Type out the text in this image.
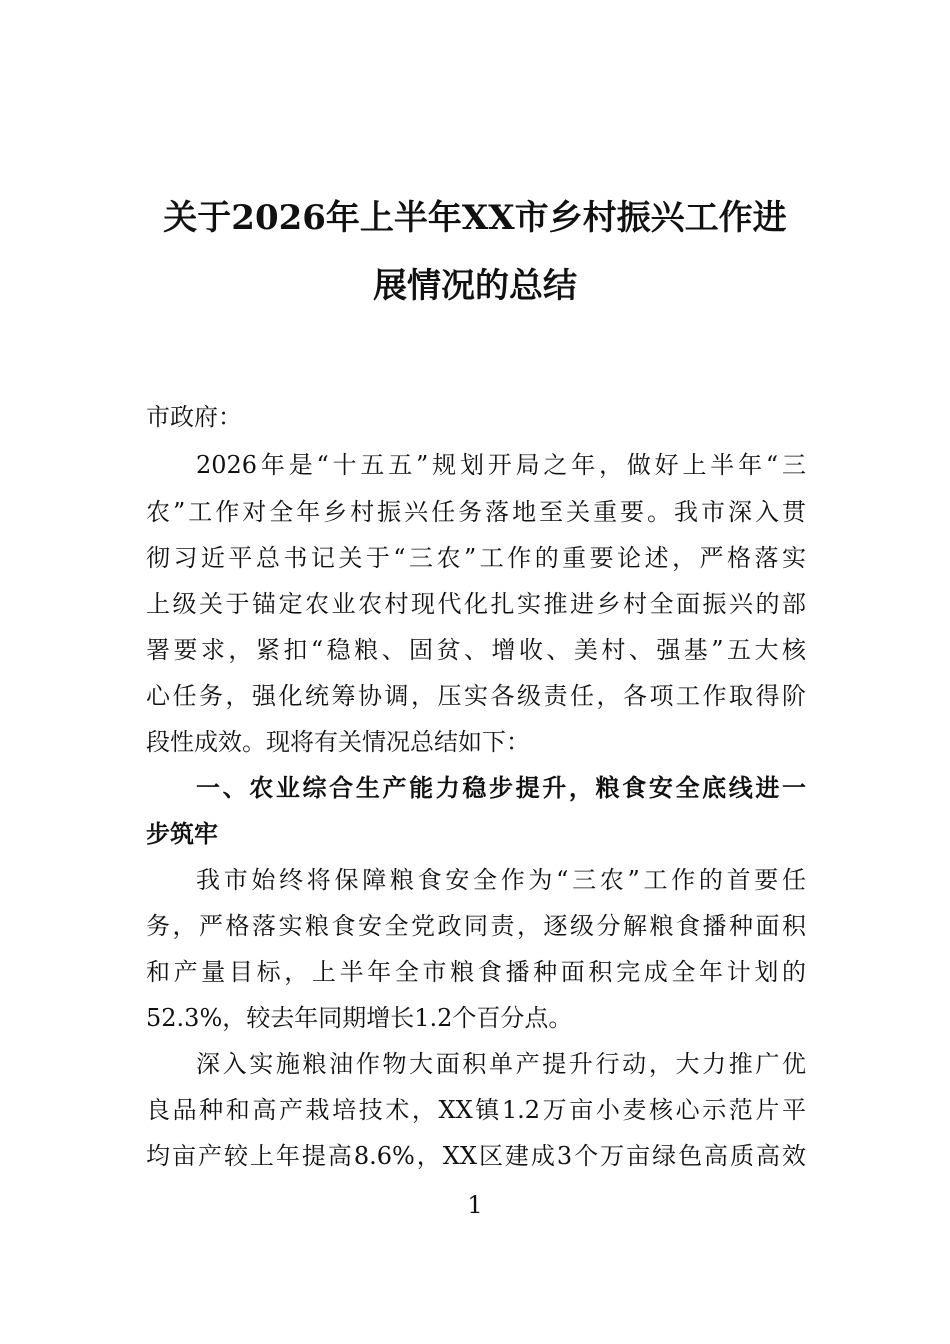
关于2026年上半年XX市乡村振兴工作进
展情况的总结
市政府：
2026年是“十五五”规划开局之年，做好上半年“三
农”工作对全年乡村振兴任务落地至关重要。我市深入贯
彻习近平总书记关于“三农”工作的重要论述，严格落实
上级关于锚定农业农村现代化扎实推进乡村全面振兴的部
署要求，紧扣“稳粮、固贫、增收、美村、强基”五大核
心任务，强化统筹协调，压实各级责任，各项工作取得阶
段性成效。现将有关情况总结如下：
一、农业综合生产能力稳步提升，粮食安全底线进一
步筑牢
我市始终将保障粮食安全作为“三农”工作的首要任
务，严格落实粮食安全党政同责，逐级分解粮食播种面积
和产量目标，上半年全市粮食播种面积完成全年计划的
52.3%，较去年同期增长1.2个百分点。
深入实施粮油作物大面积单产提升行动，大力推广优
良品种和高产栽培技术，XX镇1.2万亩小麦核心示范片平
均亩产较上年提高8.6%，XX区建成3个万亩绿色高质高效
1
